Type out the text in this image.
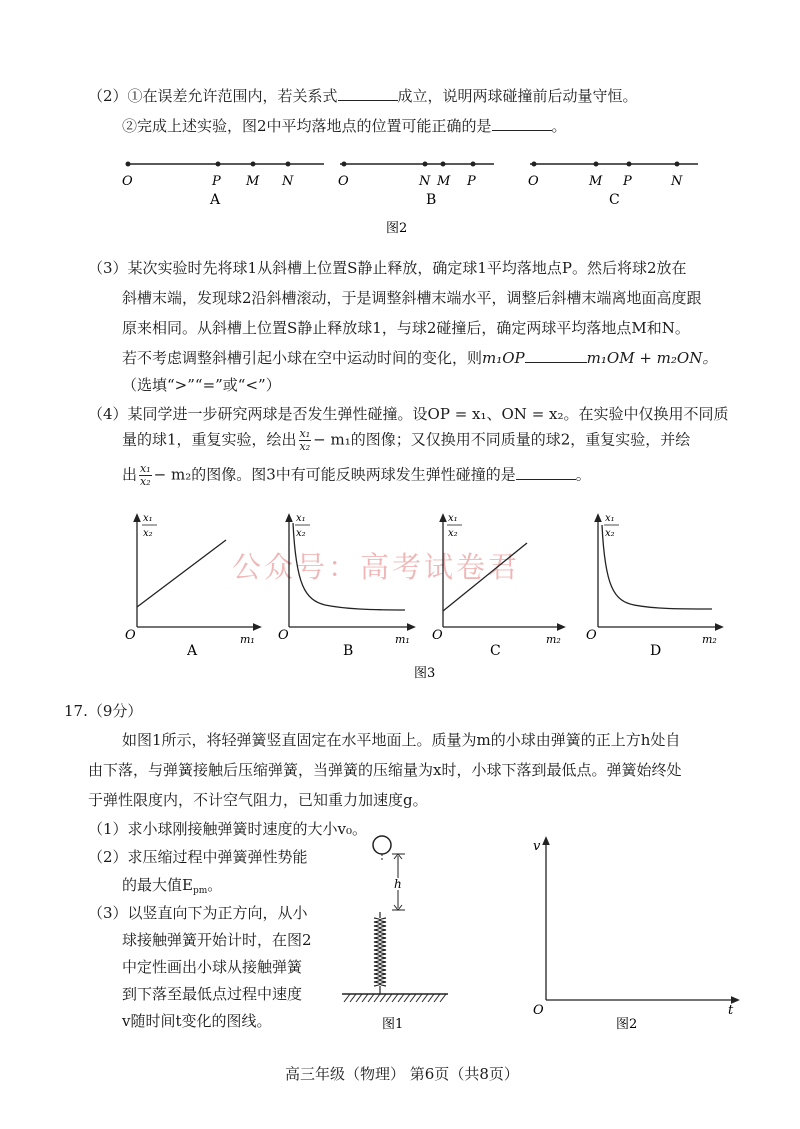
（2）①在误差允许范围内，若关系式	成立，说明两球碰撞前后动量守恒。
②完成上述实验，图2中平均落地点的位置可能正确的是	。
O	P M N
A
O	N M P
B
O	M P	N
C
图2
（3）某次实验时先将球1从斜槽上位置S静止释放，确定球1平均落地点P。然后将球2放在
斜槽末端，发现球2沿斜槽滚动，于是调整斜槽末端水平，调整后斜槽末端离地面高度跟
原来相同。从斜槽上位置S静止释放球1，与球2碰撞后，确定两球平均落地点M和N。
若不考虑调整斜槽引起小球在空中运动时间的变化，则m₁OP	m₁OM + m₂ON。
（选填“>”“=”或“<”）
（4）某同学进一步研究两球是否发生弹性碰撞。设OP = x₁、ON = x₂。在实验中仅换用不同质
量的球1，重复实验，绘出 $\frac{\text{x₁}}{\text{x₂}} - m_1$的图像；又仅换用不同质量的球2，重复实验，并绘
出 $\frac{\text{x₁}}{\text{x₂}} - m_2$的图像。图3中有可能反映两球发生弹性碰撞的是	。
公众号：高考试卷君
x₁
x₂
O	m₁
A
x₁
x₂
O	m₁
B
x₁
x₂
O	m₂
C
x₁
x₂
O	m₂
D
图3
17.（9分）
如图1所示，将轻弹簧竖直固定在水平地面上。质量为m的小球由弹簧的正上方h处自
由下落，与弹簧接触后压缩弹簧，当弹簧的压缩量为x时，小球下落到最低点。弹簧始终处
于弹性限度内，不计空气阻力，已知重力加速度g。
（1）求小球刚接触弹簧时速度的大小v₀。
（2）求压缩过程中弹簧弹性势能
的最大值$E_{pm}$。
（3）以竖直向下为正方向，从小
球接触弹簧开始计时，在图2
中定性画出小球从接触弹簧
到下落至最低点过程中速度
v随时间t变化的图线。
h
图1
v
t
O
图2
高三年级（物理） 第6页（共8页）
